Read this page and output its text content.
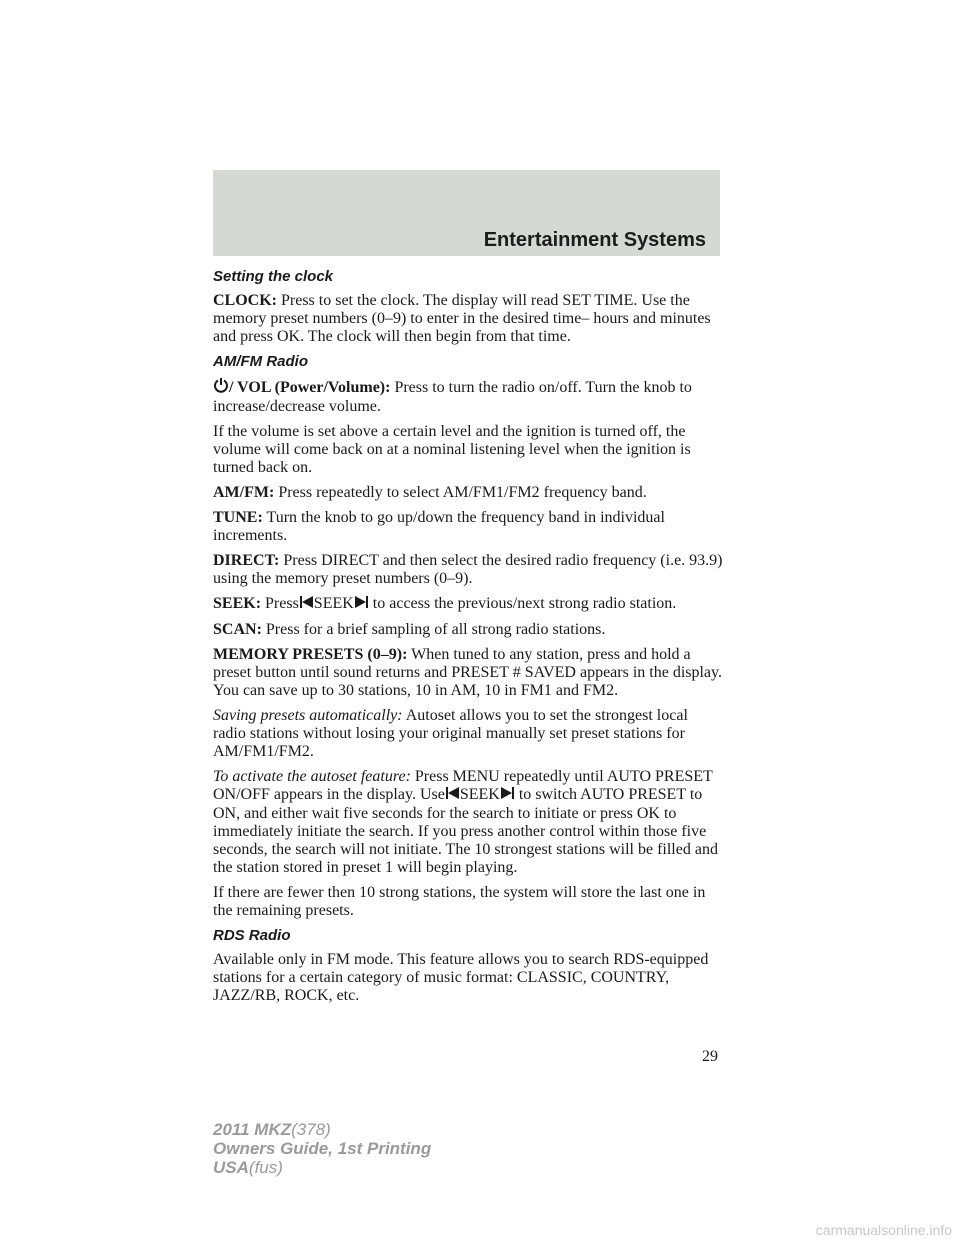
Entertainment Systems
Setting the clock

CLOCK: Press to set the clock. The display will read SET TIME. Use the memory preset numbers (0–9) to enter in the desired time– hours and minutes and press OK. The clock will then begin from that time.

AM/FM Radio

/ VOL (Power/Volume): Press to turn the radio on/off. Turn the knob to increase/decrease volume.

If the volume is set above a certain level and the ignition is turned off, the volume will come back on at a nominal listening level when the ignition is turned back on.

AM/FM: Press repeatedly to select AM/FM1/FM2 frequency band.

TUNE: Turn the knob to go up/down the frequency band in individual increments.

DIRECT: Press DIRECT and then select the desired radio frequency (i.e. 93.9) using the memory preset numbers (0–9).

SEEK: Press SEEK to access the previous/next strong radio station.

SCAN: Press for a brief sampling of all strong radio stations.

MEMORY PRESETS (0–9): When tuned to any station, press and hold a preset button until sound returns and PRESET # SAVED appears in the display. You can save up to 30 stations, 10 in AM, 10 in FM1 and FM2.

Saving presets automatically: Autoset allows you to set the strongest local radio stations without losing your original manually set preset stations for AM/FM1/FM2.

To activate the autoset feature: Press MENU repeatedly until AUTO PRESET ON/OFF appears in the display. Use SEEK to switch AUTO PRESET to ON, and either wait five seconds for the search to initiate or press OK to immediately initiate the search. If you press another control within those five seconds, the search will not initiate. The 10 strongest stations will be filled and the station stored in preset 1 will begin playing.

If there are fewer then 10 strong stations, the system will store the last one in the remaining presets.

RDS Radio

Available only in FM mode. This feature allows you to search RDS-equipped stations for a certain category of music format: CLASSIC, COUNTRY, JAZZ/RB, ROCK, etc.

29
2011 MKZ(378)
Owners Guide, 1st Printing
USA(fus)
carmanualsonline.info
